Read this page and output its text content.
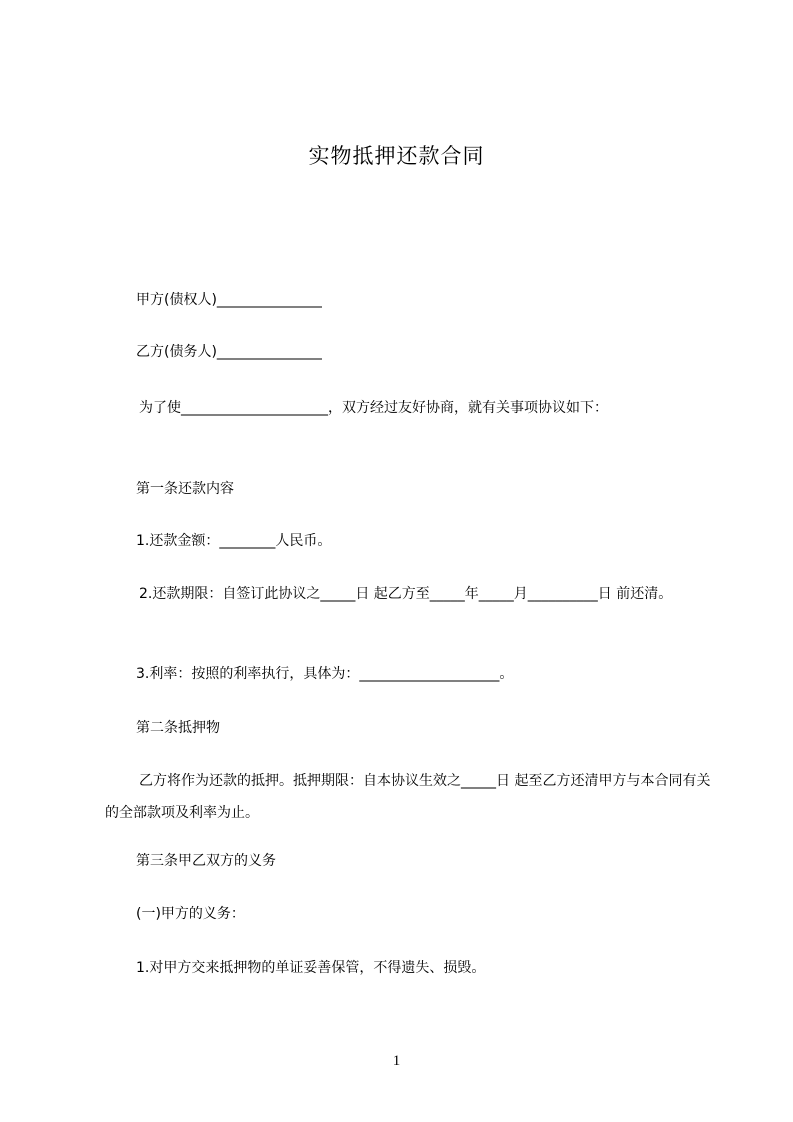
实物抵押还款合同
甲方(债权人)_______________
乙方(债务人)_______________
为了使_____________________，双方经过友好协商，就有关事项协议如下：
第一条还款内容
1.还款金额：________人民币。
2.还款期限：自签订此协议之_____日 起乙方至_____年_____月__________日 前还清。
3.利率：按照的利率执行，具体为：____________________。
第二条抵押物
乙方将作为还款的抵押。抵押期限：自本协议生效之_____日 起至乙方还清甲方与本合同有关的全部款项及利率为止。
第三条甲乙双方的义务
(一)甲方的义务：
1.对甲方交来抵押物的单证妥善保管，不得遗失、损毁。
1
